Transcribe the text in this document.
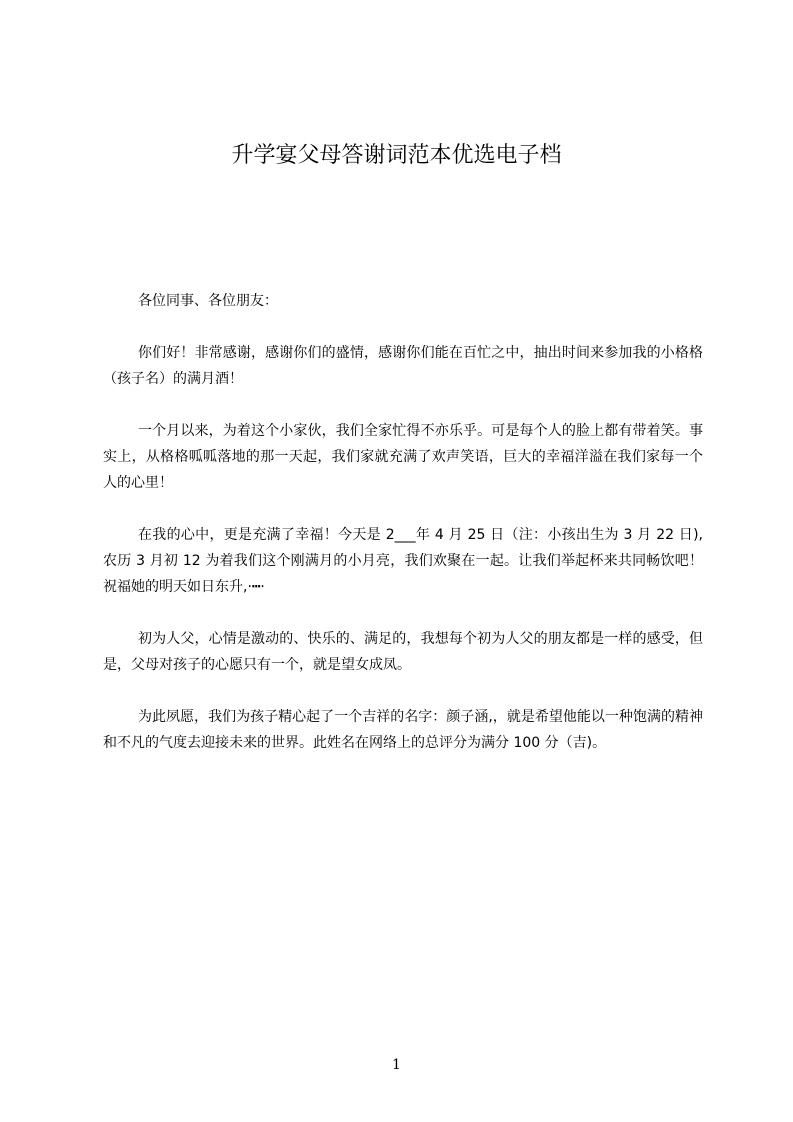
升学宴父母答谢词范本优选电子档

各位同事、各位朋友：

你们好！非常感谢，感谢你们的盛情，感谢你们能在百忙之中，抽出时间来参加我的小格格（孩子名）的满月酒！

一个月以来，为着这个小家伙，我们全家忙得不亦乐乎。可是每个人的脸上都有带着笑。事实上，从格格呱呱落地的那一天起，我们家就充满了欢声笑语，巨大的幸福洋溢在我们家每一个人的心里！

在我的心中，更是充满了幸福！今天是 2___年 4 月 25 日（注：小孩出生为 3 月 22 日),农历 3 月初 12 为着我们这个刚满月的小月亮，我们欢聚在一起。让我们举起杯来共同畅饮吧！祝福她的明天如日东升,·┅·

初为人父，心情是激动的、快乐的、满足的，我想每个初为人父的朋友都是一样的感受，但是，父母对孩子的心愿只有一个，就是望女成凤。

为此夙愿，我们为孩子精心起了一个吉祥的名字：颜子涵,，就是希望他能以一种饱满的精神和不凡的气度去迎接未来的世界。此姓名在网络上的总评分为满分 100 分（吉)。

1
